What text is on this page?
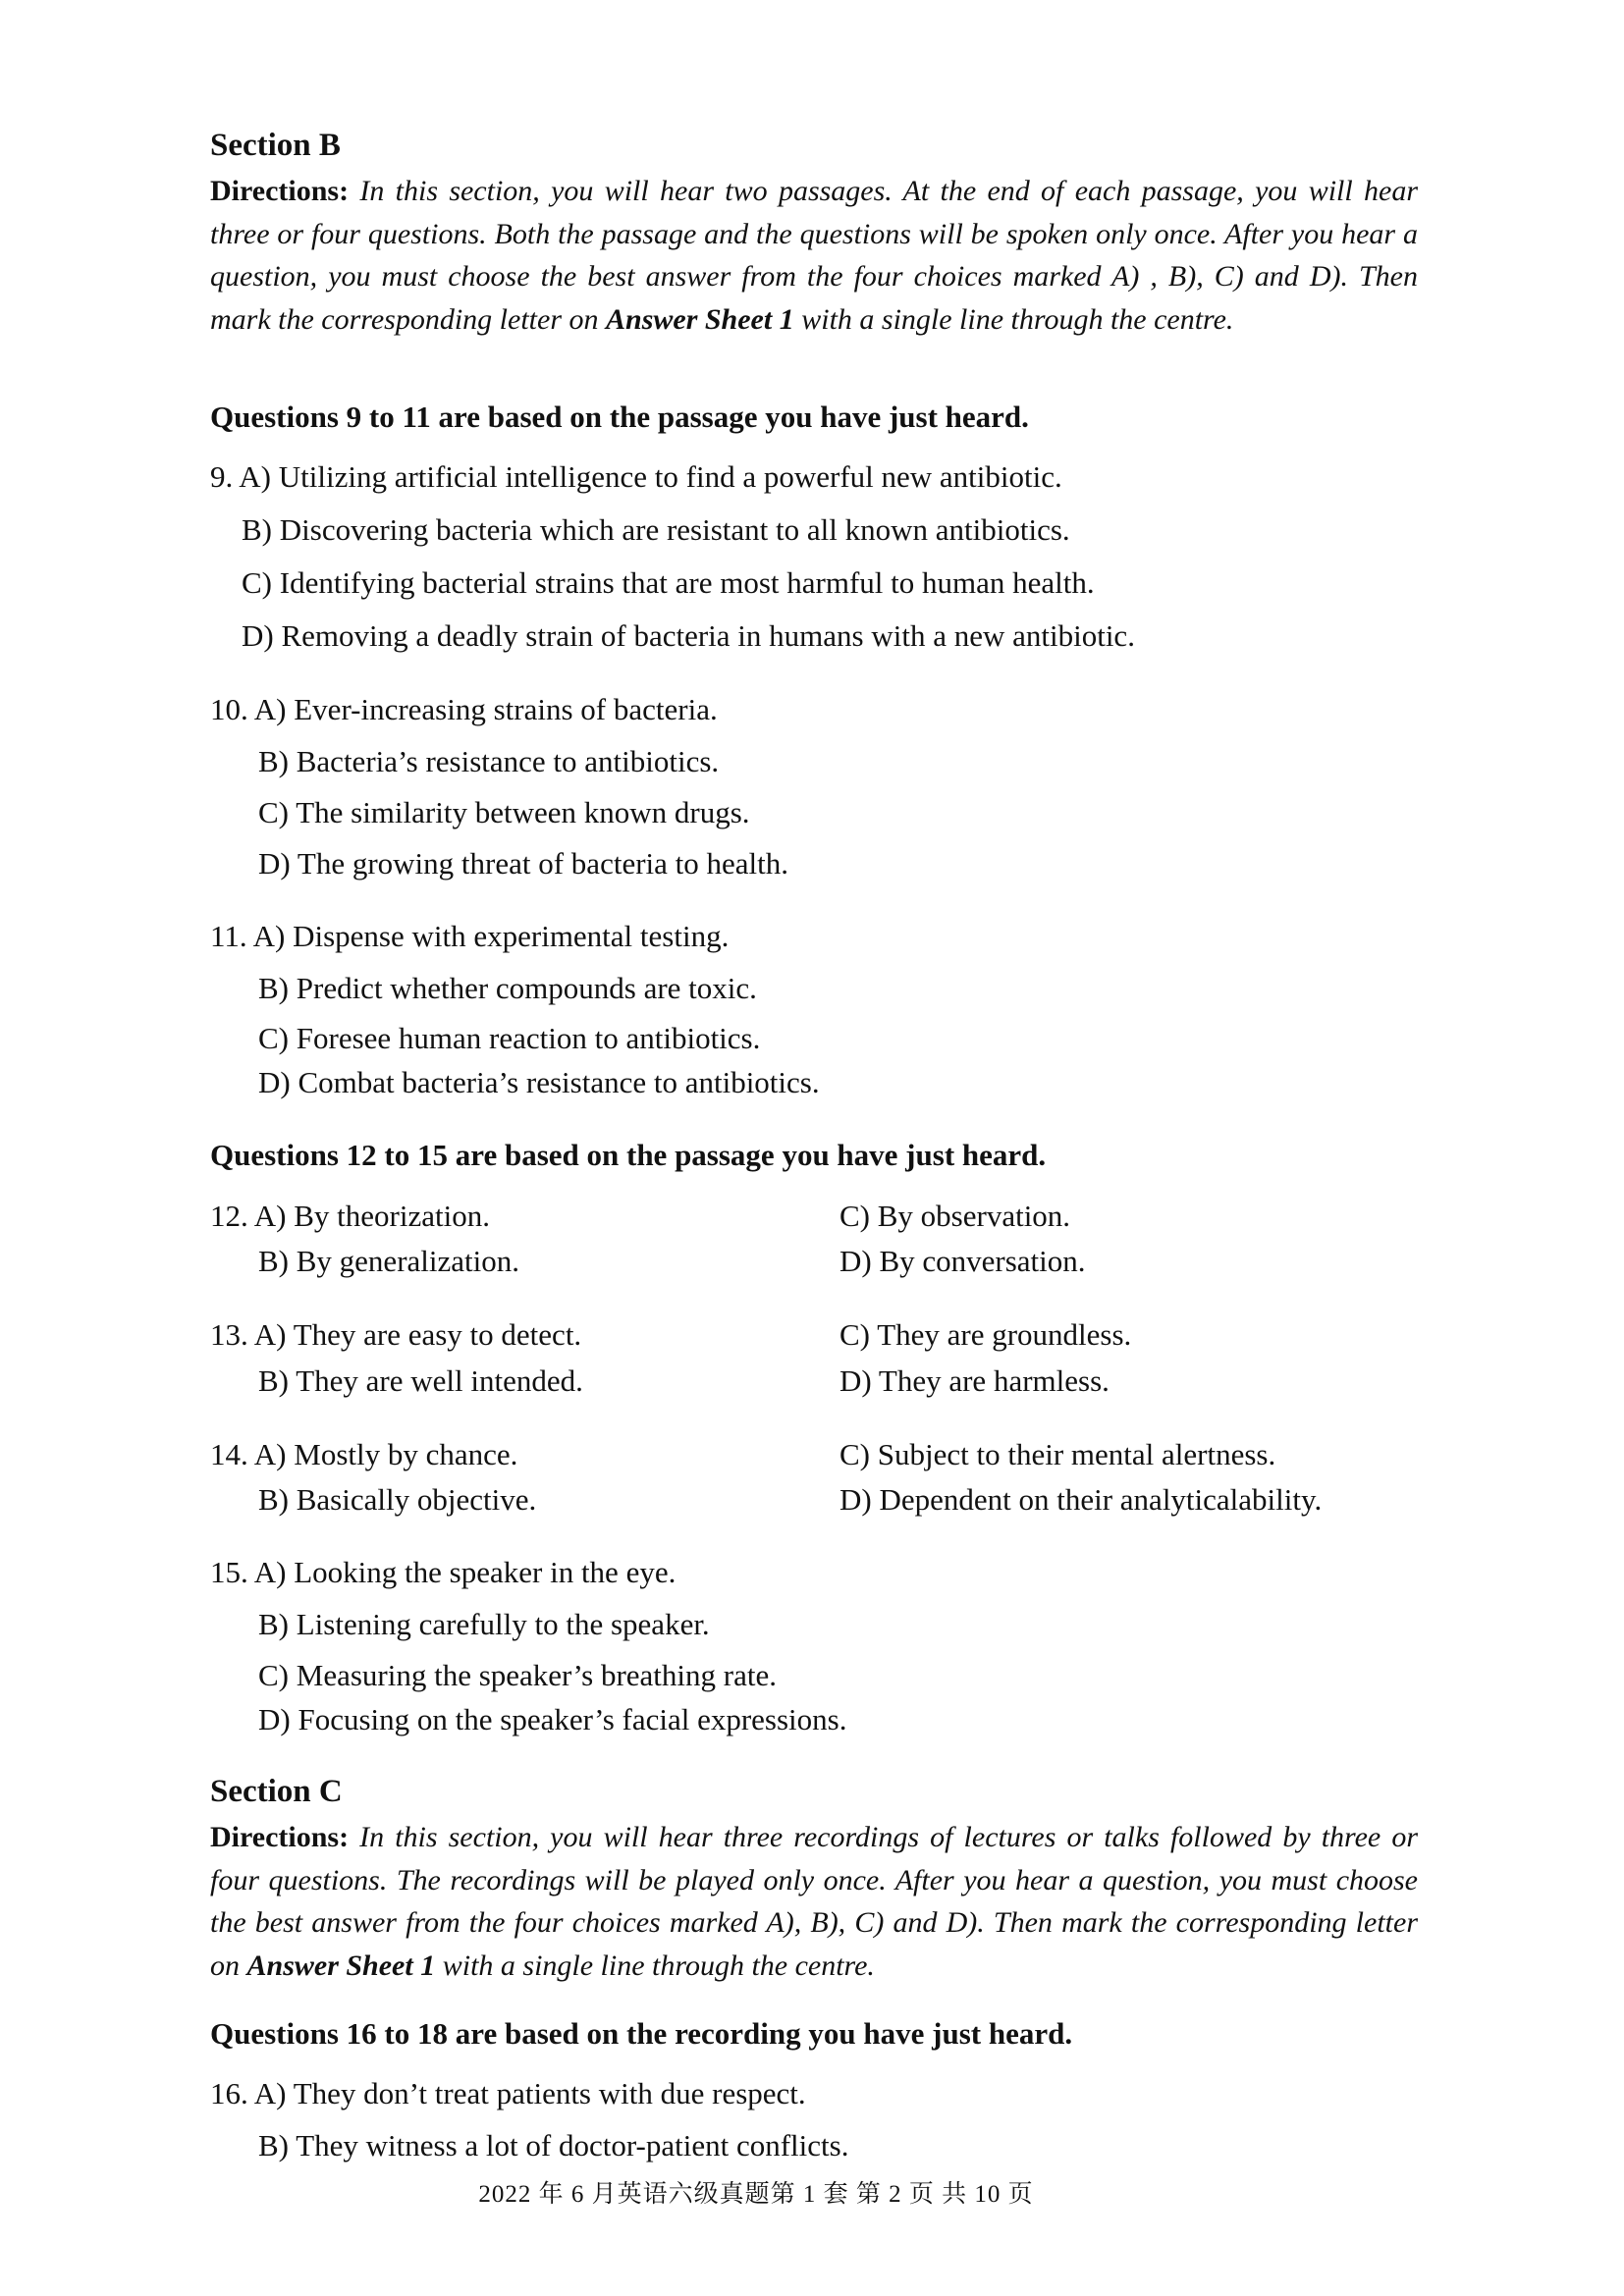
Section B
Directions: In this section, you will hear two passages. At the end of each passage, you will hear three or four questions. Both the passage and the questions will be spoken only once. After you hear a question, you must choose the best answer from the four choices marked A) , B), C) and D). Then mark the corresponding letter on Answer Sheet 1 with a single line through the centre.
Questions 9 to 11 are based on the passage you have just heard.
9. A) Utilizing artificial intelligence to find a powerful new antibiotic.
B) Discovering bacteria which are resistant to all known antibiotics.
C) Identifying bacterial strains that are most harmful to human health.
D) Removing a deadly strain of bacteria in humans with a new antibiotic.
10. A) Ever-increasing strains of bacteria.
B) Bacteria’s resistance to antibiotics.
C) The similarity between known drugs.
D) The growing threat of bacteria to health.
11. A) Dispense with experimental testing.
B) Predict whether compounds are toxic.
C) Foresee human reaction to antibiotics.
D) Combat bacteria’s resistance to antibiotics.
Questions 12 to 15 are based on the passage you have just heard.
12. A) By theorization.
B) By generalization.
C) By observation.
D) By conversation.
13. A) They are easy to detect.
B) They are well intended.
C) They are groundless.
D) They are harmless.
14. A) Mostly by chance.
B) Basically objective.
C) Subject to their mental alertness.
D) Dependent on their analyticalability.
15. A) Looking the speaker in the eye.
B) Listening carefully to the speaker.
C) Measuring the speaker’s breathing rate.
D) Focusing on the speaker’s facial expressions.
Section C
Directions: In this section, you will hear three recordings of lectures or talks followed by three or four questions. The recordings will be played only once. After you hear a question, you must choose the best answer from the four choices marked A), B), C) and D). Then mark the corresponding letter on Answer Sheet 1 with a single line through the centre.
Questions 16 to 18 are based on the recording you have just heard.
16. A) They don’t treat patients with due respect.
B) They witness a lot of doctor-patient conflicts.
2022 年 6 月英语六级真题第 1 套 第 2 页 共 10 页
